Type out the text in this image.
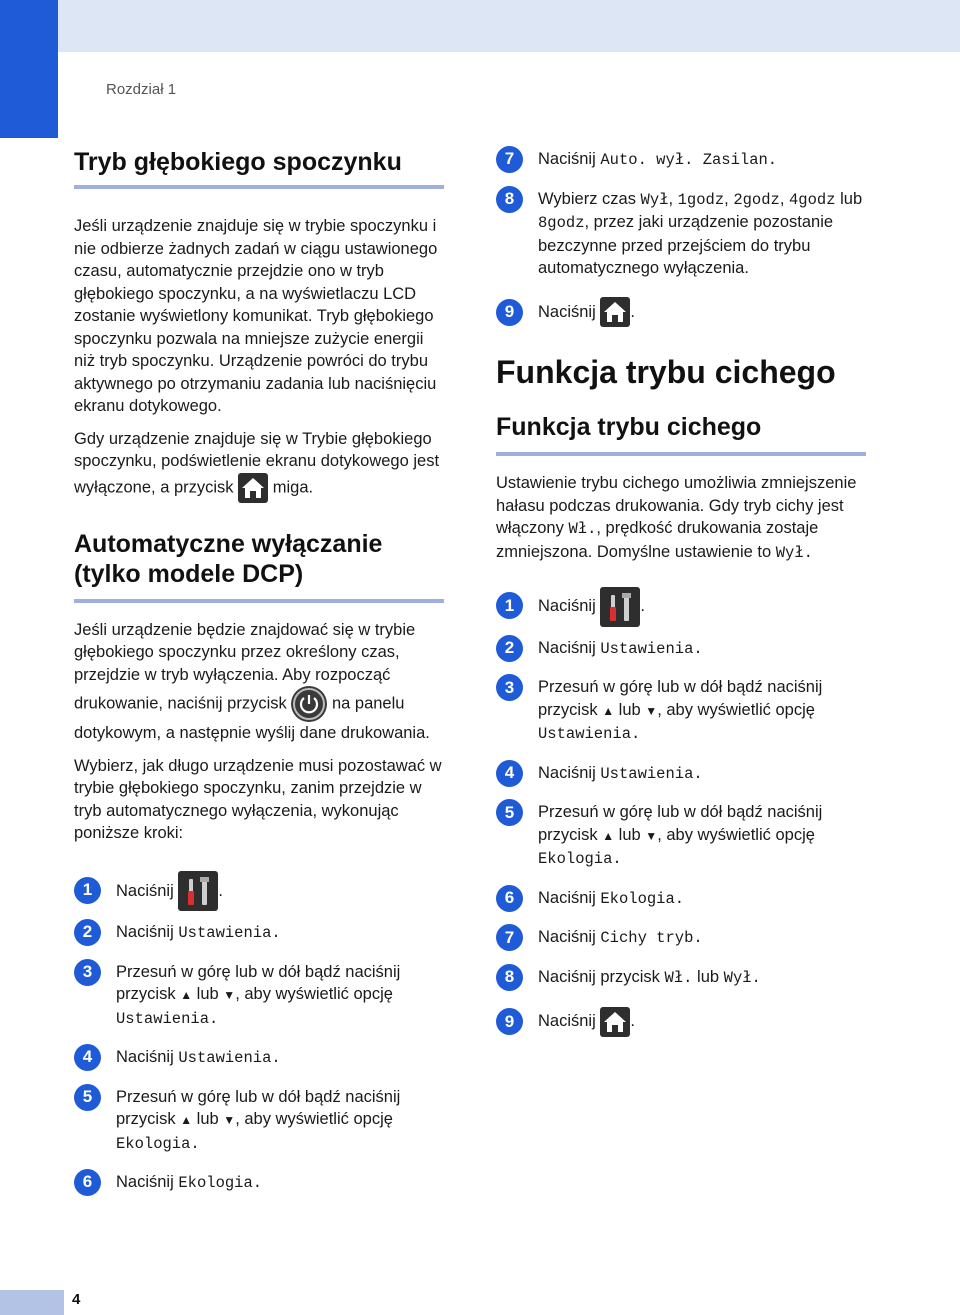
Rozdział 1
Tryb głębokiego spoczynku

Jeśli urządzenie znajduje się w trybie spoczynku i nie odbierze żadnych zadań w ciągu ustawionego czasu, automatycznie przejdzie ono w tryb głębokiego spoczynku, a na wyświetlaczu LCD zostanie wyświetlony komunikat. Tryb głębokiego spoczynku pozwala na mniejsze zużycie energii niż tryb spoczynku. Urządzenie powróci do trybu aktywnego po otrzymaniu zadania lub naciśnięciu ekranu dotykowego.

Gdy urządzenie znajduje się w Trybie głębokiego spoczynku, podświetlenie ekranu dotykowego jest wyłączone, a przycisk miga.

Automatyczne wyłączanie (tylko modele DCP)

Jeśli urządzenie będzie znajdować się w trybie głębokiego spoczynku przez określony czas, przejdzie w tryb wyłączenia. Aby rozpocząć drukowanie, naciśnij przycisk	na panelu dotykowym, a następnie wyślij dane drukowania.

Wybierz, jak długo urządzenie musi pozostawać w trybie głębokiego spoczynku, zanim przejdzie w tryb automatycznego wyłączenia, wykonując poniższe kroki:

1	Naciśnij	.
2	Naciśnij Ustawienia.
3	Przesuń w górę lub w dół bądź naciśnij przycisk ▲ lub ▼, aby wyświetlić opcję
Ustawienia.
4	Naciśnij Ustawienia.
5	Przesuń w górę lub w dół bądź naciśnij przycisk ▲ lub ▼, aby wyświetlić opcję
Ekologia.
6	Naciśnij Ekologia.
7	Naciśnij Auto. wył. Zasilan.
8	Wybierz czas Wył, 1godz, 2godz, 4godz lub 8godz, przez jaki urządzenie pozostanie bezczynne przed przejściem do trybu automatycznego wyłączenia.
9	Naciśnij .
Funkcja trybu cichego
Funkcja trybu cichego

Ustawienie trybu cichego umożliwia zmniejszenie hałasu podczas drukowania. Gdy tryb cichy jest włączony Wł., prędkość drukowania zostaje zmniejszona. Domyślne ustawienie to Wył.

1	Naciśnij	.
2	Naciśnij Ustawienia.
3	Przesuń w górę lub w dół bądź naciśnij przycisk ▲ lub ▼, aby wyświetlić opcję
Ustawienia.
4	Naciśnij Ustawienia.
5	Przesuń w górę lub w dół bądź naciśnij przycisk ▲ lub ▼, aby wyświetlić opcję
Ekologia.
6	Naciśnij Ekologia.
7	Naciśnij Cichy tryb.
8	Naciśnij przycisk Wł. lub Wył.
9	Naciśnij .
4
